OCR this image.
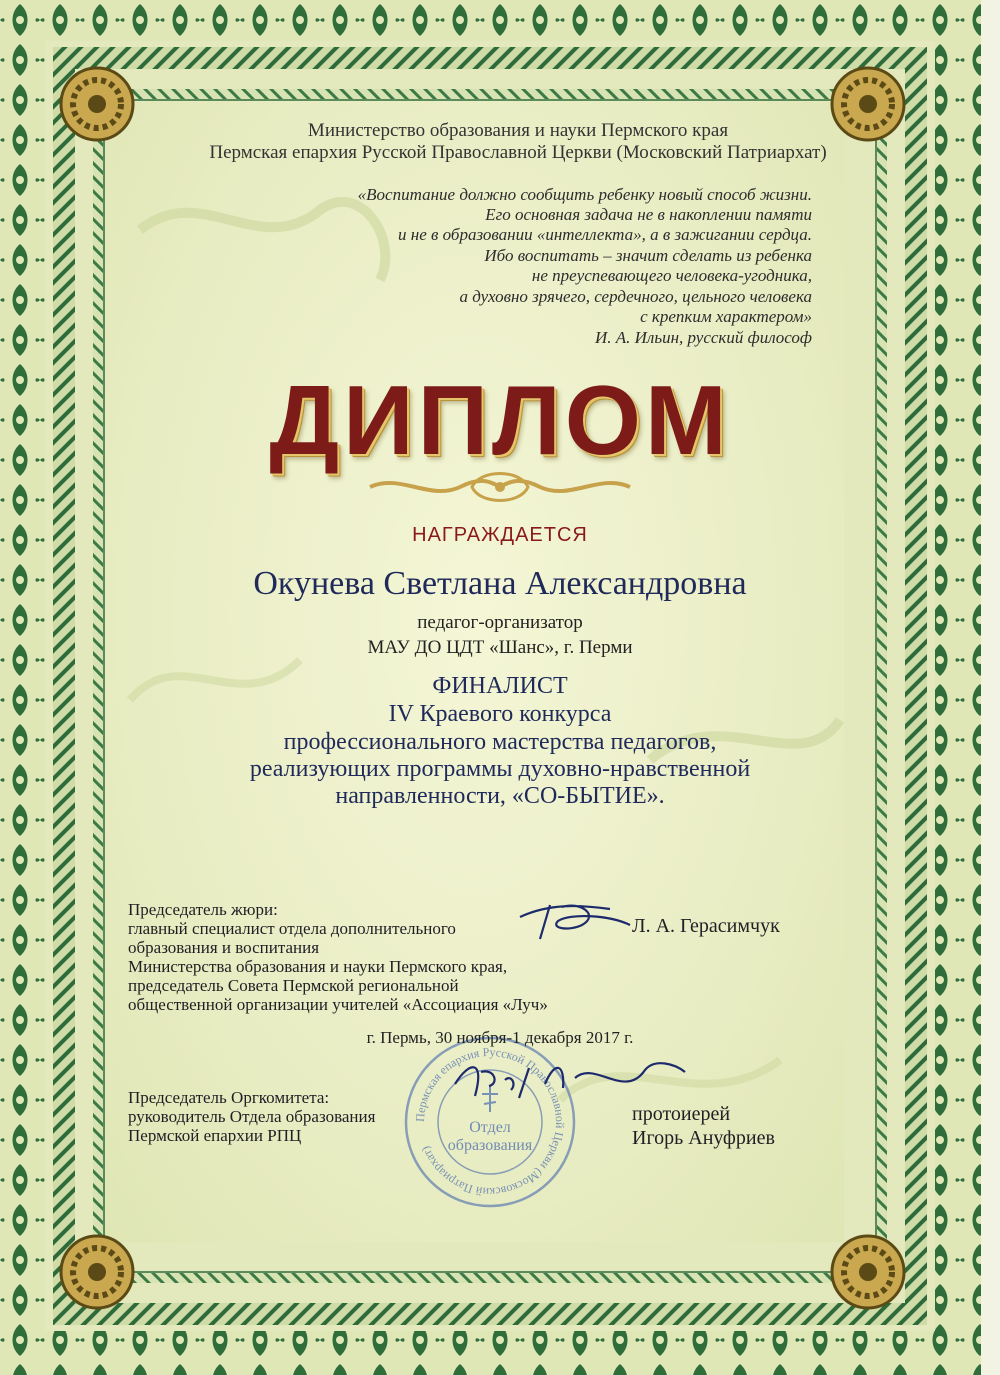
Министерство образования и науки Пермского края
Пермская епархия Русской Православной Церкви (Московский Патриархат)
«Воспитание должно сообщить ребенку новый способ жизни.
Его основная задача не в накоплении памяти
и не в образовании «интеллекта», а в зажигании сердца.
Ибо воспитать – значит сделать из ребенка
не преуспевающего человека-угодника,
а духовно зрячего, сердечного, цельного человека
с крепким характером»
И. А. Ильин, русский философ
ДИПЛОМ
НАГРАЖДАЕТСЯ
Окунева Светлана Александровна
педагог-организатор
МАУ ДО ЦДТ «Шанс», г. Перми
ФИНАЛИСТ
IV Краевого конкурса
профессионального мастерства педагогов,
реализующих программы духовно-нравственной
направленности, «СО-БЫТИЕ».
Председатель жюри:
главный специалист отдела дополнительного
образования и воспитания
Министерства образования и науки Пермского края,
председатель Совета Пермской региональной
общественной организации учителей «Ассоциация «Луч»
Л. А. Герасимчук
Председатель Оргкомитета:
руководитель Отдела образования
Пермской епархии РПЦ
протоиерей
Игорь Ануфриев
Пермская епархия Русской Православной Церкви (Московский Патриархат)
Отдел
образования
г. Пермь, 30 ноября-1 декабря 2017 г.
